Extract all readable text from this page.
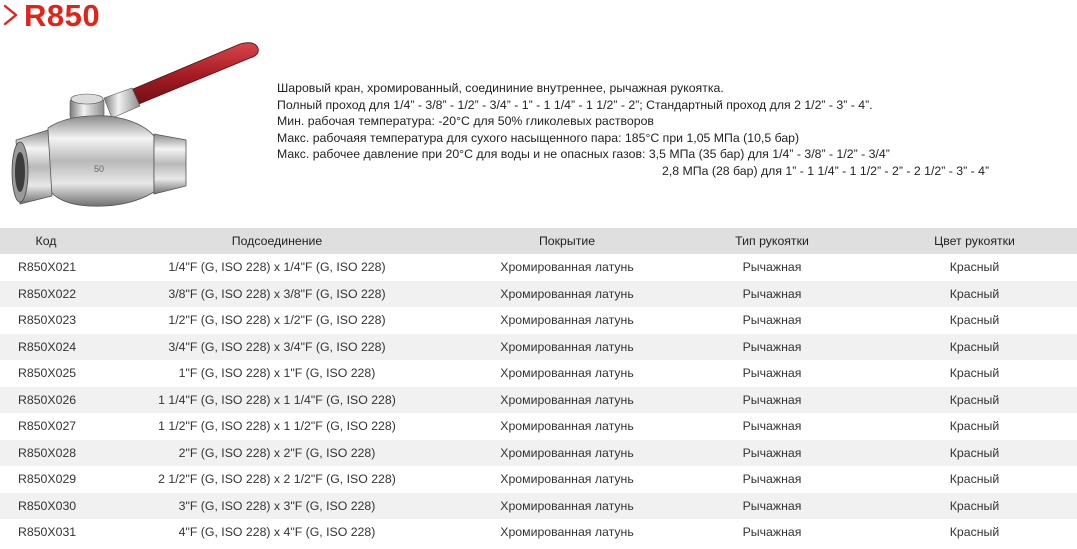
R850
50
Шаровый кран, хромированный, соедининие внутреннее, рычажная рукоятка.
Полный проход для 1/4” - 3/8” - 1/2” - 3/4” - 1” - 1 1/4” - 1 1/2” - 2”; Стандартный проход для 2 1/2” - 3” - 4”.
Мин. рабочая температура: -20°C для 50% гликолевых растворов
Макс. рабочаяя температура для сухого насыщенного пара: 185°C при 1,05 МПа (10,5 бар)
Макс. рабочее давление при 20°C для воды и не опасных газов: 3,5 МПа (35 бар) для 1/4” - 3/8” - 1/2” - 3/4”
2,8 МПа (28 бар) для 1” - 1 1/4” - 1 1/2” - 2” - 2 1/2” - 3” - 4”
Код	Подсоединение	Покрытие	Тип рукоятки	Цвет рукоятки
R850X021	1/4"F (G, ISO 228) x 1/4"F (G, ISO 228)	Хромированная латунь	Рычажная	Красный
R850X022	3/8"F (G, ISO 228) x 3/8"F (G, ISO 228)	Хромированная латунь	Рычажная	Красный
R850X023	1/2"F (G, ISO 228) x 1/2"F (G, ISO 228)	Хромированная латунь	Рычажная	Красный
R850X024	3/4"F (G, ISO 228) x 3/4"F (G, ISO 228)	Хромированная латунь	Рычажная	Красный
R850X025	1"F (G, ISO 228) x 1"F (G, ISO 228)	Хромированная латунь	Рычажная	Красный
R850X026	1 1/4"F (G, ISO 228) x 1 1/4"F (G, ISO 228)	Хромированная латунь	Рычажная	Красный
R850X027	1 1/2"F (G, ISO 228) x 1 1/2"F (G, ISO 228)	Хромированная латунь	Рычажная	Красный
R850X028	2"F (G, ISO 228) x 2"F (G, ISO 228)	Хромированная латунь	Рычажная	Красный
R850X029	2 1/2"F (G, ISO 228) x 2 1/2"F (G, ISO 228)	Хромированная латунь	Рычажная	Красный
R850X030	3"F (G, ISO 228) x 3"F (G, ISO 228)	Хромированная латунь	Рычажная	Красный
R850X031	4"F (G, ISO 228) x 4"F (G, ISO 228)	Хромированная латунь	Рычажная	Красный
